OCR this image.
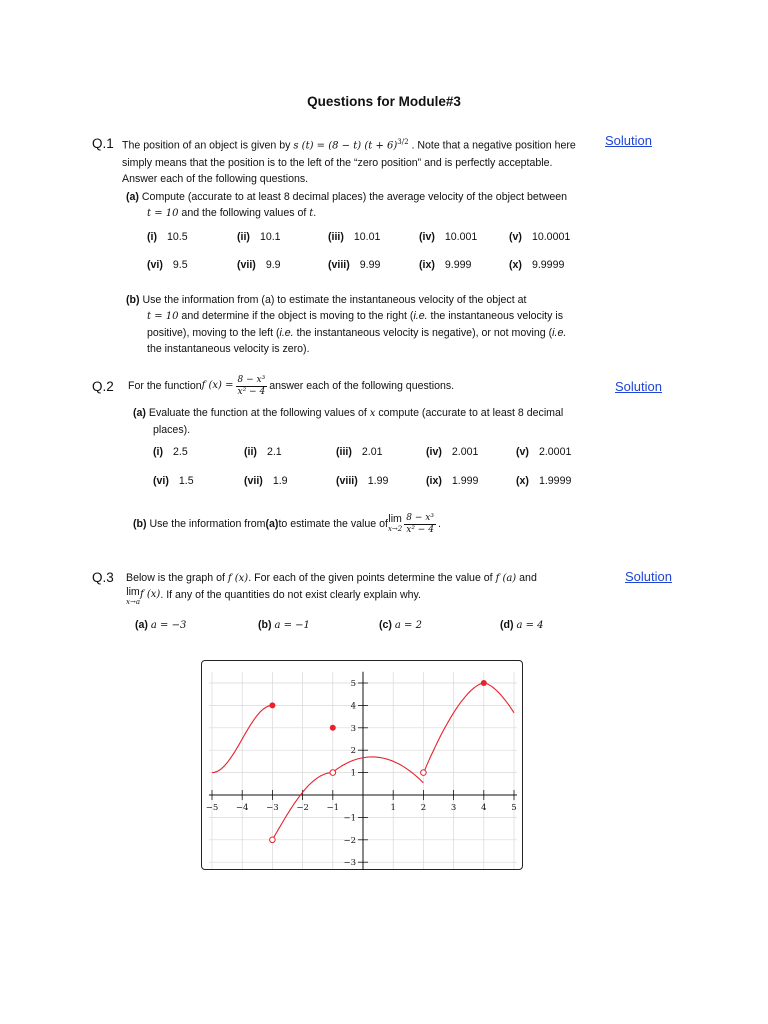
Questions for Module#3
Q.1	Solution
The position of an object is given by s (t) = (8 − t) $(t + 6)^{3/2}$ . Note that a negative position here
simply means that the position is to the left of the “zero position” and is perfectly acceptable.
Answer each of the following questions.
(a) Compute (accurate to at least 8 decimal places) the average velocity of the object between
t = 10 and the following values of t.
(i) 10.5	(ii) 10.1	(iii) 10.01	(iv) 10.001	(v) 10.0001
(vi) 9.5	(vii) 9.9	(viii) 9.99	(ix) 9.999	(x) 9.9999
(b) Use the information from (a) to estimate the instantaneous velocity of the object at
t = 10 and determine if the object is moving to the right (i.e. the instantaneous velocity is
positive), moving to the left (i.e. the instantaneous velocity is negative), or not moving (i.e.
the instantaneous velocity is zero).
Q.2	Solution
For the function f $(x) = \frac{\text{8 − x³}}{\text{x² − 4}}$ answer each of the following questions.
(a) Evaluate the function at the following values of x compute (accurate to at least 8 decimal
places).
(i) 2.5	(ii) 2.1	(iii) 2.01	(iv) 2.001	(v) 2.0001
(vi) 1.5	(vii) 1.9	(viii) 1.99	(ix) 1.999	(x) 1.9999
(b)
Use the information from (a) to estimate the value of lim
$x\to 2 \frac{\text{8 − x³}}{\text{x² − 4}}$ .
Q.3	Solution
Below is the graph of f (x). For each of the given points determine the value of f (a) and
lim
x→a
f (x) . If any of the quantities do not exist clearly explain why.
(a) a = −3	(b) a = −1	(c) a = 2	(d) a = 4
−5 −4 −3 −2 −1	1	2	3	4	5
5
4
3
2
1
−1
−2
−3
